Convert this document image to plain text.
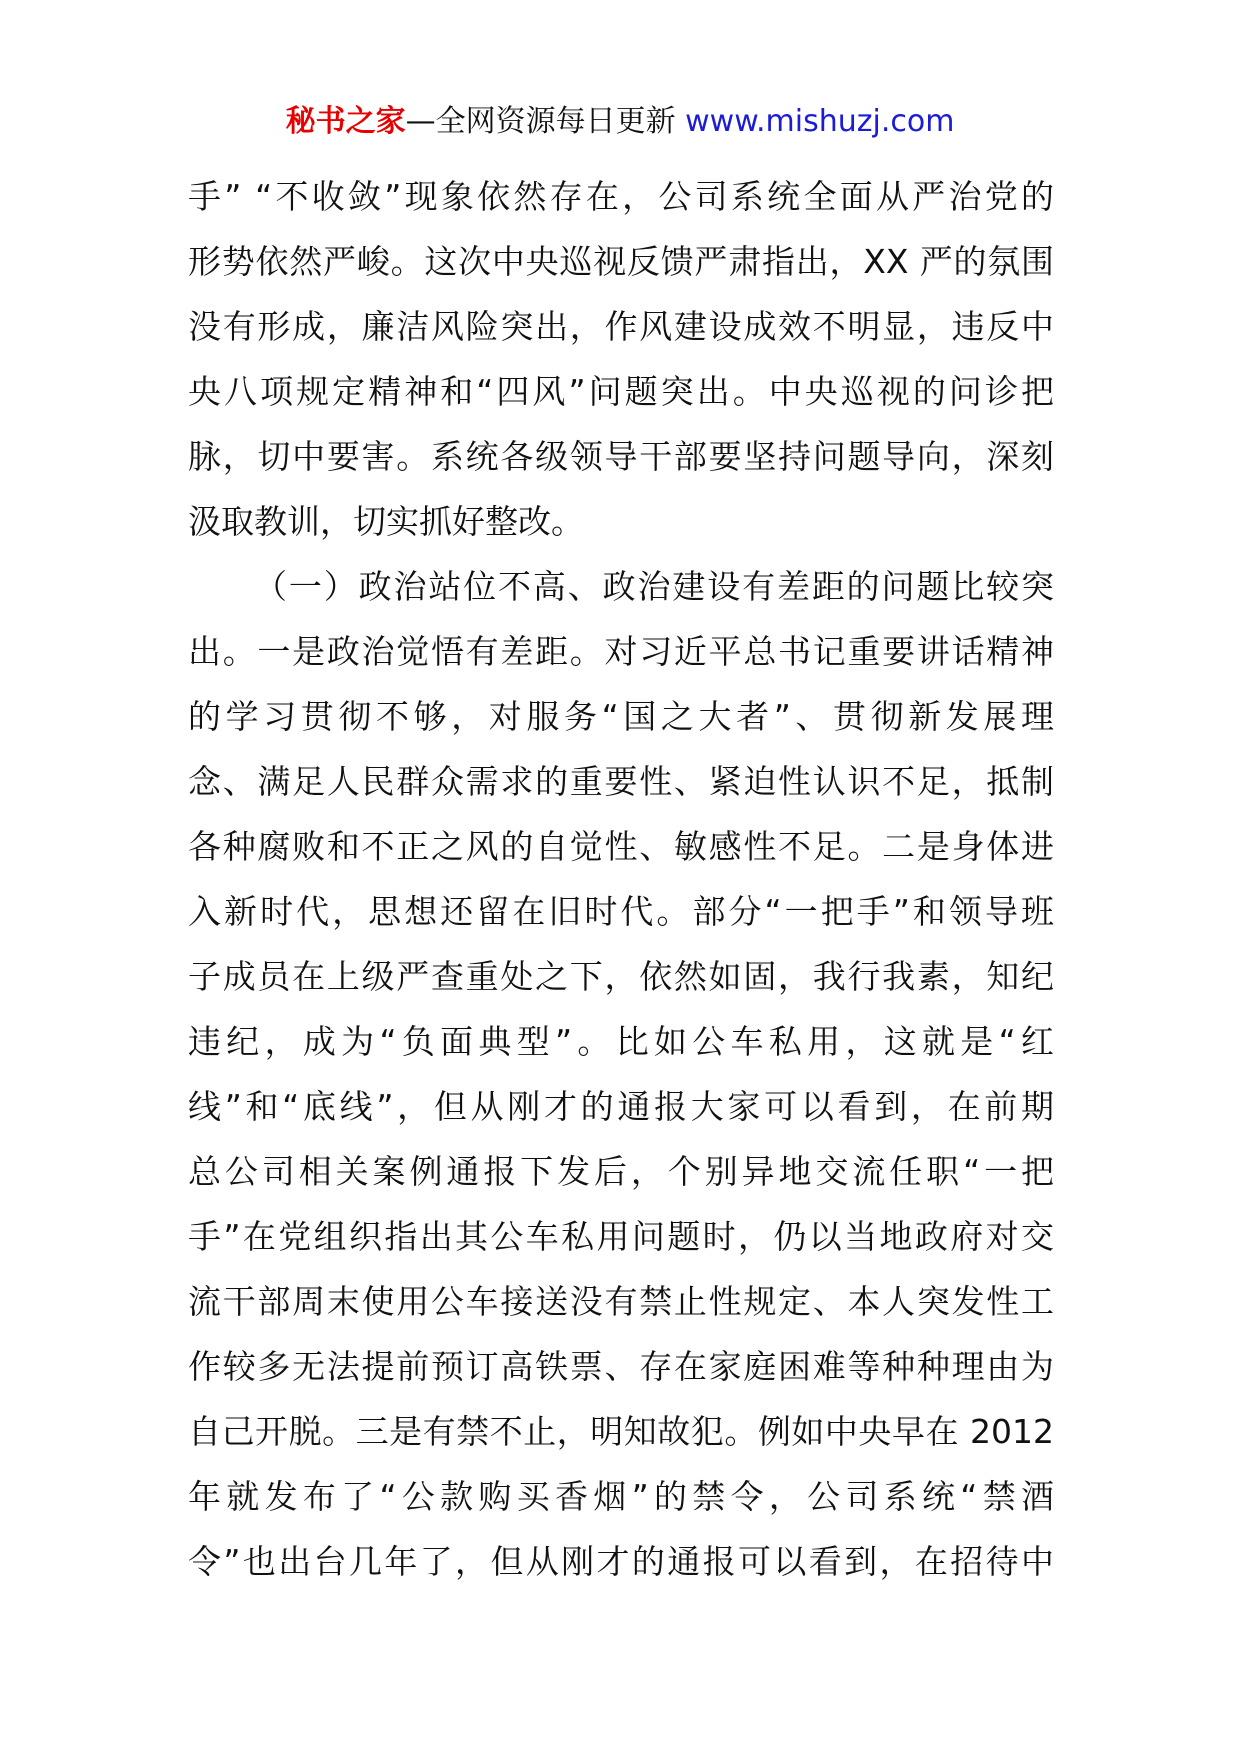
秘书之家—全网资源每日更新 www.mishuzj.com
手” “不收敛”现象依然存在，公司系统全面从严治党的
形势依然严峻。这次中央巡视反馈严肃指出，XX 严的氛围
没有形成，廉洁风险突出，作风建设成效不明显，违反中
央八项规定精神和“四风”问题突出。中央巡视的问诊把
脉，切中要害。系统各级领导干部要坚持问题导向，深刻
汲取教训，切实抓好整改。
（一）政治站位不高、政治建设有差距的问题比较突
出。一是政治觉悟有差距。对习近平总书记重要讲话精神
的学习贯彻不够，对服务“国之大者”、贯彻新发展理
念、满足人民群众需求的重要性、紧迫性认识不足，抵制
各种腐败和不正之风的自觉性、敏感性不足。二是身体进
入新时代，思想还留在旧时代。部分“一把手”和领导班
子成员在上级严查重处之下，依然如固，我行我素，知纪
违纪，成为“负面典型”。比如公车私用，这就是“红
线”和“底线”，但从刚才的通报大家可以看到，在前期
总公司相关案例通报下发后，个别异地交流任职“一把
手”在党组织指出其公车私用问题时，仍以当地政府对交
流干部周末使用公车接送没有禁止性规定、本人突发性工
作较多无法提前预订高铁票、存在家庭困难等种种理由为
自己开脱。三是有禁不止，明知故犯。例如中央早在 2012
年就发布了“公款购买香烟”的禁令，公司系统“禁酒
令”也出台几年了，但从刚才的通报可以看到，在招待中
